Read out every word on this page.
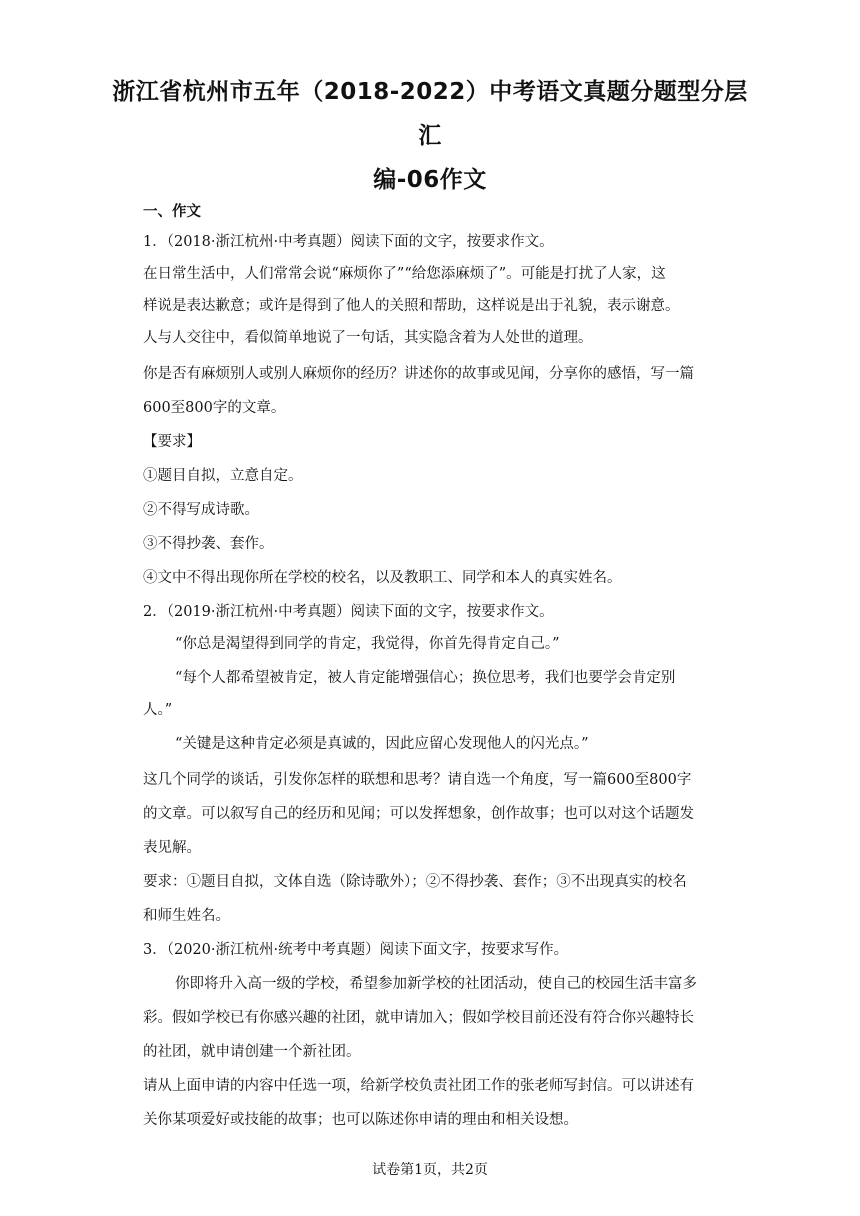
浙江省杭州市五年（2018-2022）中考语文真题分题型分层汇
编-06作文
一、作文
1．（2018·浙江杭州·中考真题）阅读下面的文字，按要求作文。
在日常生活中，人们常常会说“麻烦你了”“给您添麻烦了”。可能是打扰了人家，这
样说是表达歉意；或许是得到了他人的关照和帮助，这样说是出于礼貌，表示谢意。
人与人交往中，看似简单地说了一句话，其实隐含着为人处世的道理。
你是否有麻烦别人或别人麻烦你的经历？讲述你的故事或见闻，分享你的感悟，写一篇
600至800字的文章。
【要求】
①题目自拟，立意自定。
②不得写成诗歌。
③不得抄袭、套作。
④文中不得出现你所在学校的校名，以及教职工、同学和本人的真实姓名。
2．（2019·浙江杭州·中考真题）阅读下面的文字，按要求作文。
“你总是渴望得到同学的肯定，我觉得，你首先得肯定自己。”
“每个人都希望被肯定，被人肯定能增强信心；换位思考，我们也要学会肯定别
人。”
“关键是这种肯定必须是真诚的，因此应留心发现他人的闪光点。”
这几个同学的谈话，引发你怎样的联想和思考？请自选一个角度，写一篇600至800字
的文章。可以叙写自己的经历和见闻；可以发挥想象，创作故事；也可以对这个话题发
表见解。
要求：①题目自拟，文体自选（除诗歌外）；②不得抄袭、套作；③不出现真实的校名
和师生姓名。
3．（2020·浙江杭州·统考中考真题）阅读下面文字，按要求写作。
你即将升入高一级的学校，希望参加新学校的社团活动，使自己的校园生活丰富多
彩。假如学校已有你感兴趣的社团，就申请加入；假如学校目前还没有符合你兴趣特长
的社团，就申请创建一个新社团。
请从上面申请的内容中任选一项，给新学校负责社团工作的张老师写封信。可以讲述有
关你某项爱好或技能的故事；也可以陈述你申请的理由和相关设想。
试卷第1页，共2页
